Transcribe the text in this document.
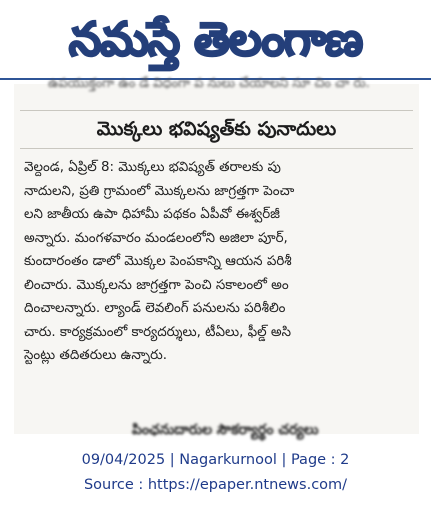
నమస్తే తెలంగాణ
ఉపయుక్తంగా ఉం డే విధంగా ప నులు చేయాలని సూ చిం చా రు.
మొక్కలు భవిష్యత్‌కు పునాదులు
వెల్దండ, ఏప్రిల్ 8: మొక్కలు భవిష్యత్ తరాలకు పు
నాదులని, ప్రతి గ్రామంలో మొక్కలను జాగ్రత్తగా పెంచా
లని జాతీయ ఉపా ధిహామీ పథకం ఏపీవో ఈశ్వర్‌జీ
అన్నారు. మంగళవారం మండలంలోని అజిలా పూర్,
కుందారంతం డాలో మొక్కల పెంపకాన్ని ఆయన పరిశీ
లించారు. మొక్కలను జాగ్రత్తగా పెంచి సకాలంలో అం
దించాలన్నారు. ల్యాండ్ లెవలింగ్ పనులను పరిశీలిం
చారు. కార్యక్రమంలో కార్యదర్శులు, టీఏలు, ఫీల్డ్ అసి
స్టెంట్లు తదితరులు ఉన్నారు.
పింఛనుదారుల సౌకర్యార్థం చర్యలు
09/04/2025 | Nagarkurnool | Page : 2
Source : https://epaper.ntnews.com/
